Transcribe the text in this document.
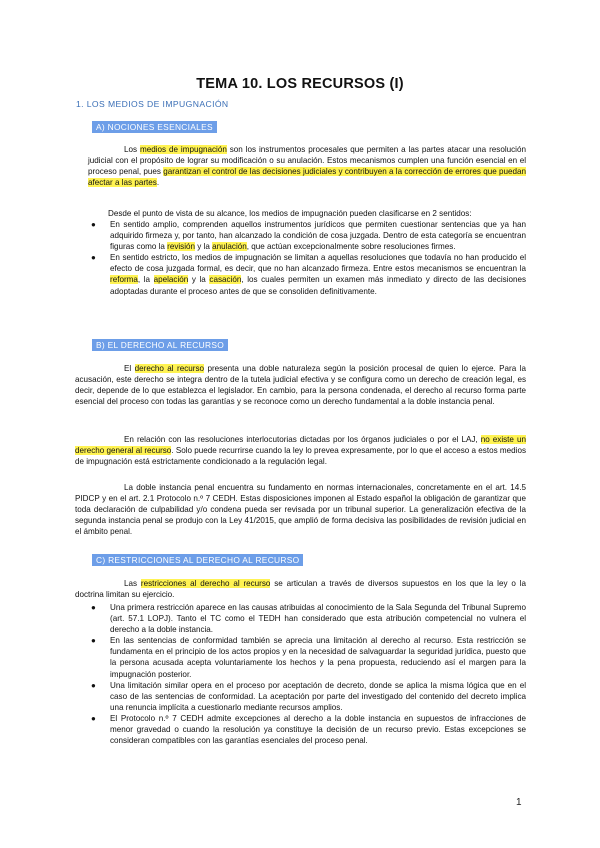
TEMA 10. LOS RECURSOS (I)
1. LOS MEDIOS DE IMPUGNACIÓN
A) NOCIONES ESENCIALES
Los medios de impugnación son los instrumentos procesales que permiten a las partes atacar una resolución judicial con el propósito de lograr su modificación o su anulación. Estos mecanismos cumplen una función esencial en el proceso penal, pues garantizan el control de las decisiones judiciales y contribuyen a la corrección de errores que puedan afectar a las partes.
Desde el punto de vista de su alcance, los medios de impugnación pueden clasificarse en 2 sentidos:
● En sentido amplio, comprenden aquellos instrumentos jurídicos que permiten cuestionar sentencias que ya han adquirido firmeza y, por tanto, han alcanzado la condición de cosa juzgada. Dentro de esta categoría se encuentran figuras como la revisión y la anulación, que actúan excepcionalmente sobre resoluciones firmes.
● En sentido estricto, los medios de impugnación se limitan a aquellas resoluciones que todavía no han producido el efecto de cosa juzgada formal, es decir, que no han alcanzado firmeza. Entre estos mecanismos se encuentran la reforma, la apelación y la casación, los cuales permiten un examen más inmediato y directo de las decisiones adoptadas durante el proceso antes de que se consoliden definitivamente.
B) EL DERECHO AL RECURSO
El derecho al recurso presenta una doble naturaleza según la posición procesal de quien lo ejerce. Para la acusación, este derecho se integra dentro de la tutela judicial efectiva y se configura como un derecho de creación legal, es decir, depende de lo que establezca el legislador. En cambio, para la persona condenada, el derecho al recurso forma parte esencial del proceso con todas las garantías y se reconoce como un derecho fundamental a la doble instancia penal.
En relación con las resoluciones interlocutorias dictadas por los órganos judiciales o por el LAJ, no existe un derecho general al recurso. Solo puede recurrirse cuando la ley lo prevea expresamente, por lo que el acceso a estos medios de impugnación está estrictamente condicionado a la regulación legal.
La doble instancia penal encuentra su fundamento en normas internacionales, concretamente en el art. 14.5 PIDCP y en el art. 2.1 Protocolo n.º 7 CEDH. Estas disposiciones imponen al Estado español la obligación de garantizar que toda declaración de culpabilidad y/o condena pueda ser revisada por un tribunal superior. La generalización efectiva de la segunda instancia penal se produjo con la Ley 41/2015, que amplió de forma decisiva las posibilidades de revisión judicial en el ámbito penal.
C) RESTRICCIONES AL DERECHO AL RECURSO
Las restricciones al derecho al recurso se articulan a través de diversos supuestos en los que la ley o la doctrina limitan su ejercicio.
● Una primera restricción aparece en las causas atribuidas al conocimiento de la Sala Segunda del Tribunal Supremo (art. 57.1 LOPJ). Tanto el TC como el TEDH han considerado que esta atribución competencial no vulnera el derecho a la doble instancia.
● En las sentencias de conformidad también se aprecia una limitación al derecho al recurso. Esta restricción se fundamenta en el principio de los actos propios y en la necesidad de salvaguardar la seguridad jurídica, puesto que la persona acusada acepta voluntariamente los hechos y la pena propuesta, reduciendo así el margen para la impugnación posterior.
● Una limitación similar opera en el proceso por aceptación de decreto, donde se aplica la misma lógica que en el caso de las sentencias de conformidad. La aceptación por parte del investigado del contenido del decreto implica una renuncia implícita a cuestionarlo mediante recursos amplios.
● El Protocolo n.º 7 CEDH admite excepciones al derecho a la doble instancia en supuestos de infracciones de menor gravedad o cuando la resolución ya constituye la decisión de un recurso previo. Estas excepciones se consideran compatibles con las garantías esenciales del proceso penal.
1
